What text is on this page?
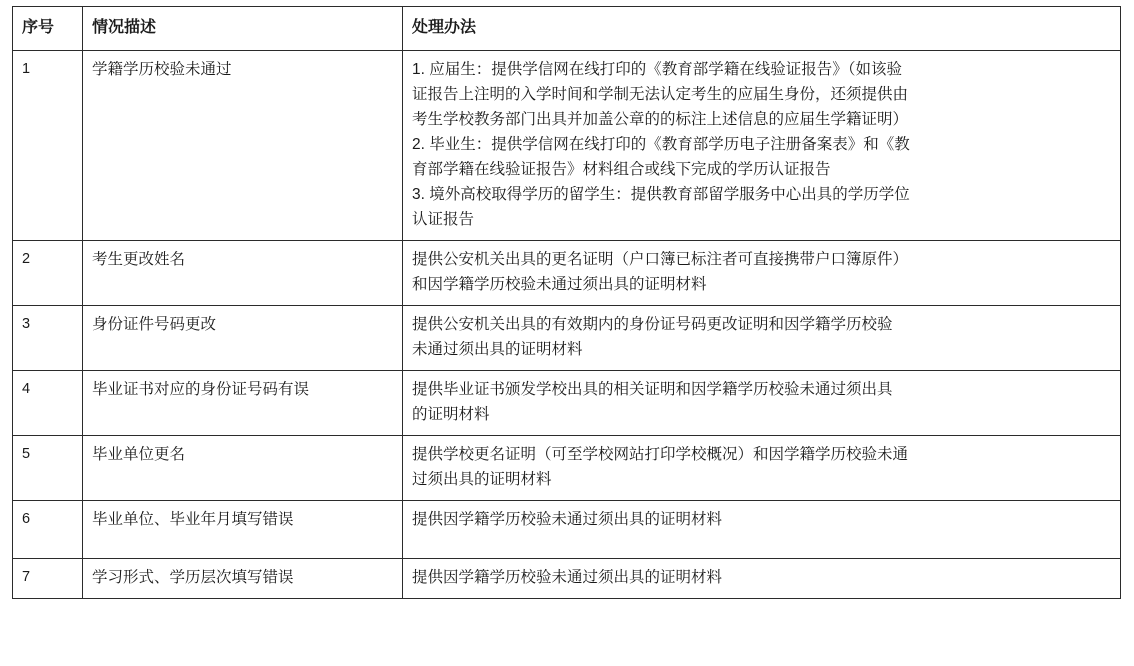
序号	情况描述	处理办法
1	学籍学历校验未通过	1. 应届生：提供学信网在线打印的《教育部学籍在线验证报告》（如该验
证报告上注明的入学时间和学制无法认定考生的应届生身份，还须提供由
考生学校教务部门出具并加盖公章的的标注上述信息的应届生学籍证明）
2. 毕业生：提供学信网在线打印的《教育部学历电子注册备案表》和《教
育部学籍在线验证报告》材料组合或线下完成的学历认证报告
3. 境外高校取得学历的留学生：提供教育部留学服务中心出具的学历学位
认证报告

2	考生更改姓名	提供公安机关出具的更名证明（户口簿已标注者可直接携带户口簿原件）
和因学籍学历校验未通过须出具的证明材料

3	身份证件号码更改	提供公安机关出具的有效期内的身份证号码更改证明和因学籍学历校验
未通过须出具的证明材料

4	毕业证书对应的身份证号码有误	提供毕业证书颁发学校出具的相关证明和因学籍学历校验未通过须出具
的证明材料

5	毕业单位更名	提供学校更名证明（可至学校网站打印学校概况）和因学籍学历校验未通
过须出具的证明材料

6	毕业单位、毕业年月填写错误	提供因学籍学历校验未通过须出具的证明材料

7	学习形式、学历层次填写错误	提供因学籍学历校验未通过须出具的证明材料
